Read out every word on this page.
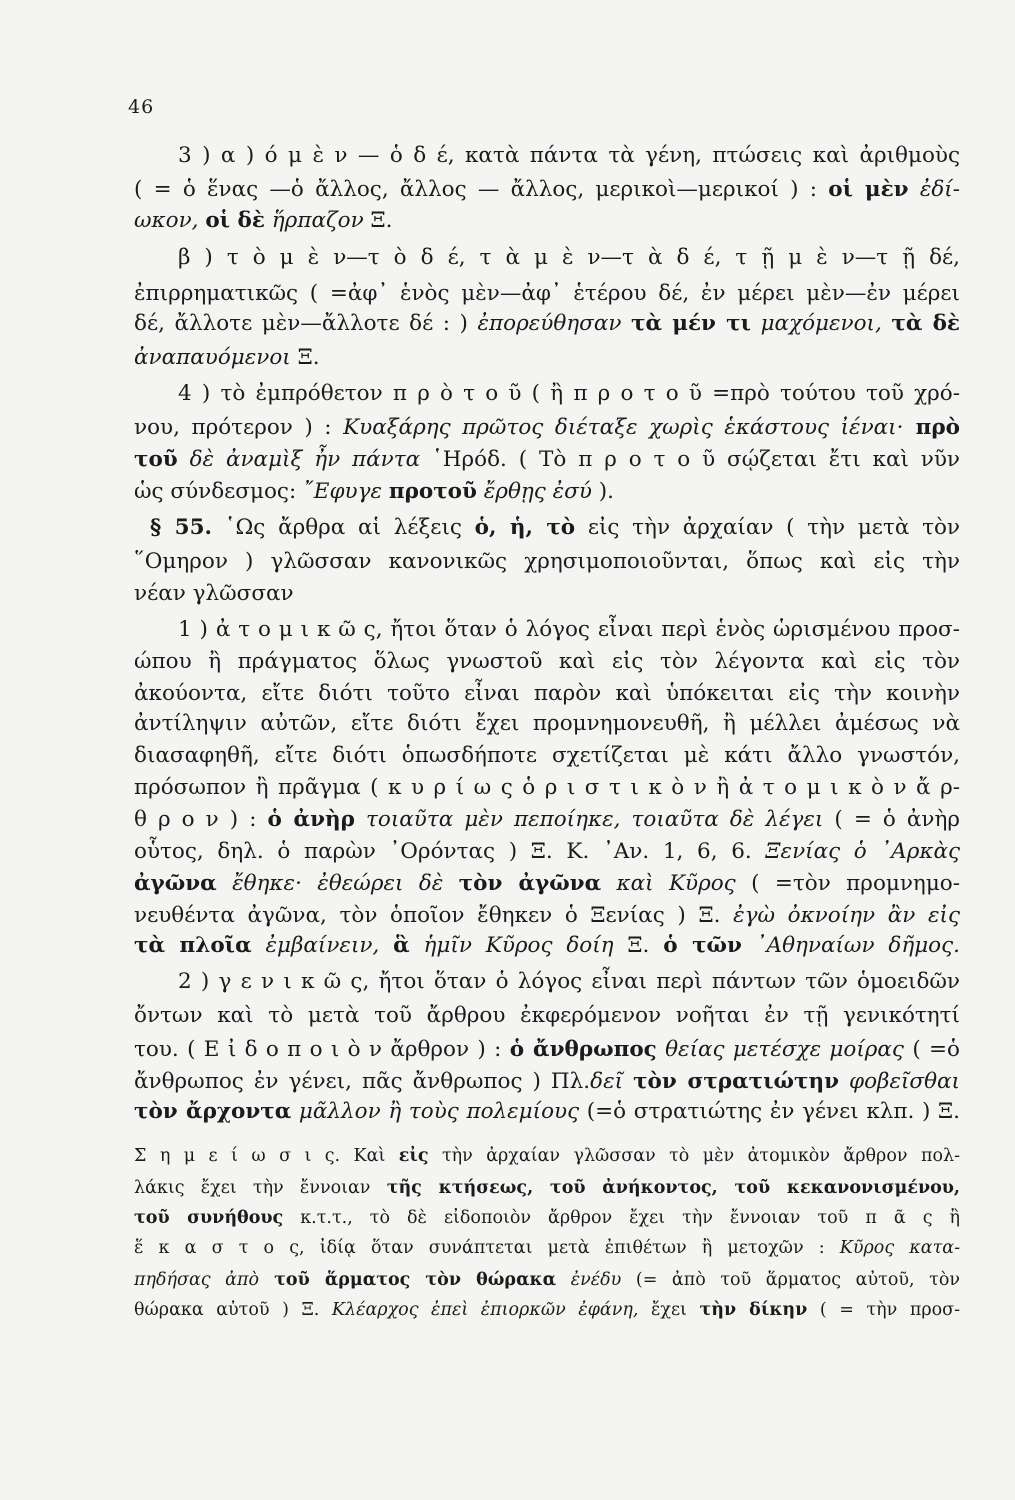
46
3 ) α ) ό μ ὲ ν — ὁ δ έ, κατὰ πάντα τὰ γένη, πτώσεις καὶ ἀριθμοὺς
( = ὁ ἕνας —ὁ ἄλλος, ἄλλος — ἄλλος, μερικοὶ—μερικοί ) : οἱ μὲν ἐδί-
ωκον, οἱ δὲ ἥρπαζον Ξ.
β ) τ ὸ μ ὲ ν—τ ὸ δ έ, τ ὰ μ ὲ ν—τ ὰ δ έ, τ ῇ μ ὲ ν—τ ῇ δέ,
ἐπιρρηματικῶς ( =ἀφ᾽ ἑνὸς μὲν—ἀφ᾽ ἑτέρου δέ, ἐν μέρει μὲν—ἐν μέρει
δέ, ἄλλοτε μὲν—ἄλλοτε δέ : ) ἐπορεύθησαν τὰ μέν τι μαχόμενοι, τὰ δὲ
ἀναπαυόμενοι Ξ.
4 ) τὸ ἐμπρόθετον π ρ ὸ τ ο ῦ ( ἢ π ρ ο τ ο ῦ =πρὸ τούτου τοῦ χρό-
νου, πρότερον ) : Κυαξάρης πρῶτος διέταξε χωρὶς ἑκάστους ἰέναι· πρὸ
τοῦ δὲ ἀναμὶξ ἦν πάντα ῾Ηρόδ. ( Τὸ π ρ ο τ ο ῦ σῴζεται ἔτι καὶ νῦν
ὡς σύνδεσμος: ῎Εφυγε προτοῦ ἔρθῃς ἐσύ ).
§ 55. ῾Ως ἄρθρα αἱ λέξεις ὁ, ἡ, τὸ εἰς τὴν ἀρχαίαν ( τὴν μετὰ τὸν
῞Ομηρον ) γλῶσσαν κανονικῶς χρησιμοποιοῦνται, ὅπως καὶ εἰς τὴν
νέαν γλῶσσαν
1 ) ἀ τ ο μ ι κ ῶ ς, ἤτοι ὅταν ὁ λόγος εἶναι περὶ ἑνὸς ὡρισμένου προσ-
ώπου ἢ πράγματος ὅλως γνωστοῦ καὶ εἰς τὸν λέγοντα καὶ εἰς τὸν
ἀκούοντα, εἴτε διότι τοῦτο εἶναι παρὸν καὶ ὑπόκειται εἰς τὴν κοινὴν
ἀντίληψιν αὐτῶν, εἴτε διότι ἔχει προμνημονευθῆ, ἢ μέλλει ἀμέσως νὰ
διασαφηθῆ, εἴτε διότι ὁπωσδήποτε σχετίζεται μὲ κάτι ἄλλο γνωστόν,
πρόσωπον ἢ πρᾶγμα ( κ υ ρ ί ω ς ὁ ρ ι σ τ ι κ ὸ ν ἢ ἀ τ ο μ ι κ ὸ ν ἄ ρ-
θ ρ ο ν ) : ὁ ἀνὴρ τοιαῦτα μὲν πεποίηκε, τοιαῦτα δὲ λέγει ( = ὁ ἀνὴρ
οὗτος, δηλ. ὁ παρὼν ᾿Ορόντας ) Ξ. Κ. ᾿Αν. 1, 6, 6. Ξενίας ὁ ᾿Αρκὰς
ἀγῶνα ἔθηκε· ἐθεώρει δὲ τὸν ἀγῶνα καὶ Κῦρος ( =τὸν προμνημο-
νευθέντα ἀγῶνα, τὸν ὁποῖον ἔθηκεν ὁ Ξενίας ) Ξ. ἐγὼ ὀκνοίην ἂν εἰς
τὰ πλοῖα ἐμβαίνειν, ἃ ἡμῖν Κῦρος δοίη Ξ. ὁ τῶν ᾿Αθηναίων δῆμος.
2 ) γ ε ν ι κ ῶ ς, ἤτοι ὅταν ὁ λόγος εἶναι περὶ πάντων τῶν ὁμοειδῶν
ὄντων καὶ τὸ μετὰ τοῦ ἄρθρου ἐκφερόμενον νοῆται ἐν τῇ γενικότητί
του. ( Ε ἰ δ ο π ο ι ὸ ν ἄρθρον ) : ὁ ἄνθρωπος θείας μετέσχε μοίρας ( =ὁ
ἄνθρωπος ἐν γένει, πᾶς ἄνθρωπος ) Πλ.δεῖ τὸν στρατιώτην φοβεῖσθαι
τὸν ἄρχοντα μᾶλλον ἢ τοὺς πολεμίους (=ὁ στρατιώτης ἐν γένει κλπ. ) Ξ.
Σ η μ ε ί ω σ ι ς. Καὶ εἰς τὴν ἀρχαίαν γλῶσσαν τὸ μὲν ἀτομικὸν ἄρθρον πολ-
λάκις ἔχει τὴν ἔννοιαν τῆς κτήσεως, τοῦ ἀνήκοντος, τοῦ κεκανονισμένου,
τοῦ συνήθους κ.τ.τ., τὸ δὲ εἰδοποιὸν ἄρθρον ἔχει τὴν ἔννοιαν τοῦ π ᾶ ς ἢ
ἕ κ α σ τ ο ς, ἰδίᾳ ὅταν συνάπτεται μετὰ ἐπιθέτων ἢ μετοχῶν : Κῦρος κατα-
πηδήσας ἀπὸ τοῦ ἅρματος τὸν θώρακα ἐνέδυ (= ἀπὸ τοῦ ἅρματος αὐτοῦ, τὸν
θώρακα αὐτοῦ ) Ξ. Κλέαρχος ἐπεὶ ἐπιορκῶν ἐφάνη, ἔχει τὴν δίκην ( = τὴν προσ-
